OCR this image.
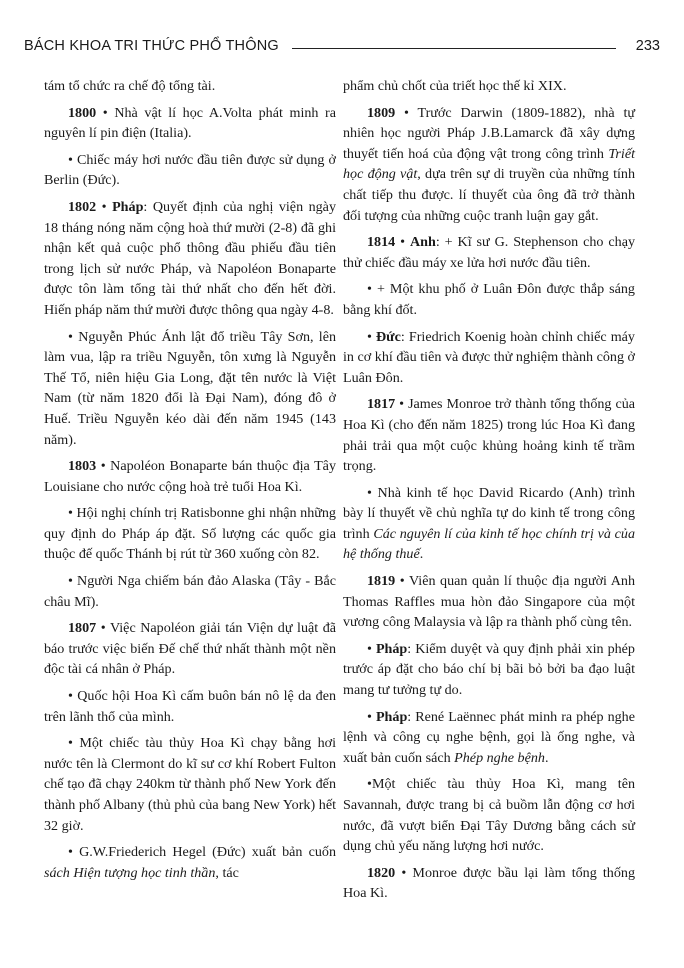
BÁCH KHOA TRI THỨC PHỔ THÔNG	233

tám tổ chức ra chế độ tổng tài.

1800 • Nhà vật lí học A.Volta phát minh ra nguyên lí pin điện (Italia).

• Chiếc máy hơi nước đầu tiên được sử dụng ở Berlin (Đức).

1802 • Pháp: Quyết định của nghị viện ngày 18 tháng nóng năm cộng hoà thứ mười (2-8) đã ghi nhận kết quả cuộc phổ thông đầu phiếu đầu tiên trong lịch sử nước Pháp, và Napoléon Bonaparte được tôn làm tổng tài thứ nhất cho đến hết đời. Hiến pháp năm thứ mười được thông qua ngày 4-8.

• Nguyễn Phúc Ánh lật đổ triều Tây Sơn, lên làm vua, lập ra triều Nguyễn, tôn xưng là Nguyễn Thế Tổ, niên hiệu Gia Long, đặt tên nước là Việt Nam (từ năm 1820 đổi là Đại Nam), đóng đô ở Huế. Triều Nguyễn kéo dài đến năm 1945 (143 năm).

1803 • Napoléon Bonaparte bán thuộc địa Tây Louisiane cho nước cộng hoà trẻ tuổi Hoa Kì.

• Hội nghị chính trị Ratisbonne ghi nhận những quy định do Pháp áp đặt. Số lượng các quốc gia thuộc đế quốc Thánh bị rút từ 360 xuống còn 82.

• Người Nga chiếm bán đảo Alaska (Tây - Bắc châu Mĩ).

1807 • Việc Napoléon giải tán Viện dự luật đã báo trước việc biến Đế chế thứ nhất thành một nền độc tài cá nhân ở Pháp.

• Quốc hội Hoa Kì cấm buôn bán nô lệ da đen trên lãnh thổ của mình.

• Một chiếc tàu thủy Hoa Kì chạy bằng hơi nước tên là Clermont do kĩ sư cơ khí Robert Fulton chế tạo đã chạy 240km từ thành phố New York đến thành phố Albany (thủ phủ của bang New York) hết 32 giờ.

• G.W.Friederich Hegel (Đức) xuất bản cuốn sách Hiện tượng học tinh thần, tác

phẩm chủ chốt của triết học thế kỉ XIX.

1809 • Trước Darwin (1809-1882), nhà tự nhiên học người Pháp J.B.Lamarck đã xây dựng thuyết tiến hoá của động vật trong công trình Triết học động vật, dựa trên sự di truyền của những tính chất tiếp thu được. lí thuyết của ông đã trở thành đối tượng của những cuộc tranh luận gay gắt.

1814 • Anh: + Kĩ sư G. Stephenson cho chạy thử chiếc đầu máy xe lửa hơi nước đầu tiên.

• + Một khu phố ở Luân Đôn được thắp sáng bằng khí đốt.

• Đức: Friedrich Koenig hoàn chỉnh chiếc máy in cơ khí đầu tiên và được thử nghiệm thành công ở Luân Đôn.

1817 • James Monroe trở thành tổng thống của Hoa Kì (cho đến năm 1825) trong lúc Hoa Kì đang phải trải qua một cuộc khủng hoảng kinh tế trầm trọng.

• Nhà kinh tế học David Ricardo (Anh) trình bày lí thuyết về chủ nghĩa tự do kinh tế trong công trình Các nguyên lí của kinh tế học chính trị và của hệ thống thuế.

1819 • Viên quan quản lí thuộc địa người Anh Thomas Raffles mua hòn đảo Singapore của một vương công Malaysia và lập ra thành phố cùng tên.

• Pháp: Kiểm duyệt và quy định phải xin phép trước áp đặt cho báo chí bị bãi bỏ bởi ba đạo luật mang tư tưởng tự do.

• Pháp: René Laënnec phát minh ra phép nghe lệnh và công cụ nghe bệnh, gọi là ống nghe, và xuất bản cuốn sách Phép nghe bệnh.

•Một chiếc tàu thủy Hoa Kì, mang tên Savannah, được trang bị cả buồm lẫn động cơ hơi nước, đã vượt biển Đại Tây Dương bằng cách sử dụng chủ yếu năng lượng hơi nước.

1820 • Monroe được bầu lại làm tổng thống Hoa Kì.
